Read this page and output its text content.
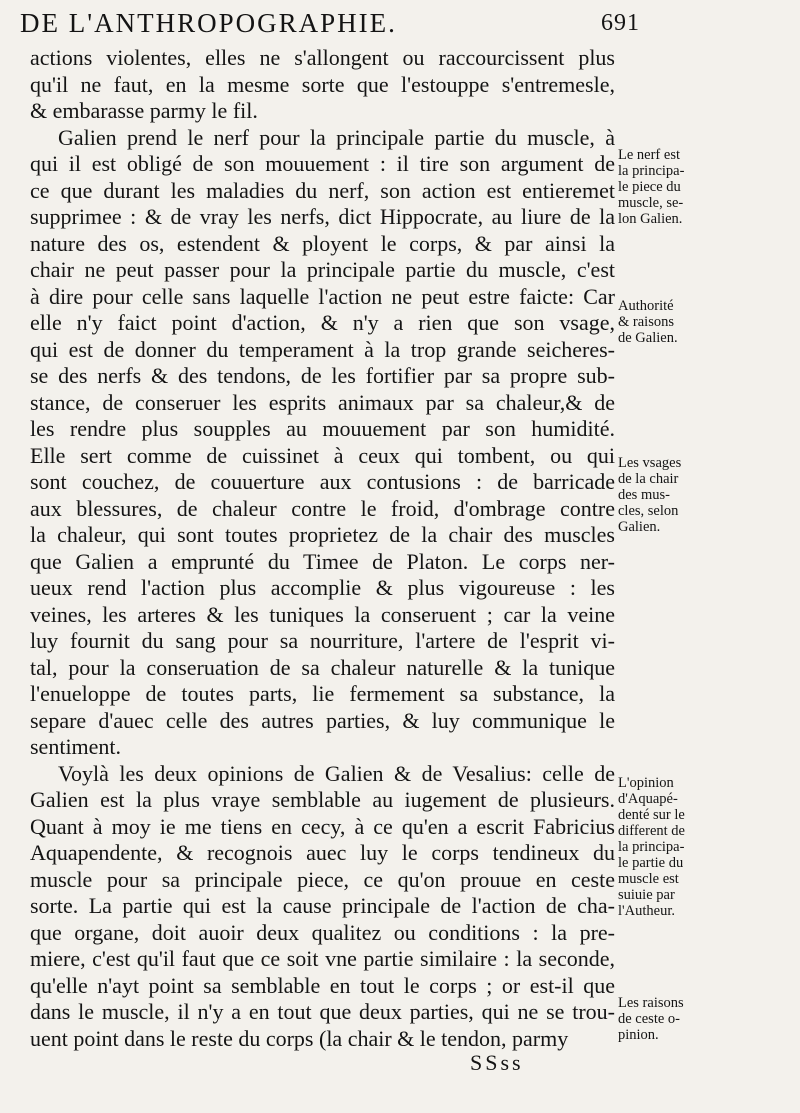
DE L'ANTHROPOGRAPHIE.	691
actions violentes, elles ne s'allongent ou raccourcissent plus
qu'il ne faut, en la mesme sorte que l'estouppe s'entremesle,
& embarasse parmy le fil.
Galien prend le nerf pour la principale partie du muscle, à
qui il est obligé de son mouuement : il tire son argument de
ce que durant les maladies du nerf, son action est entieremet
supprimee : & de vray les nerfs, dict Hippocrate, au liure de la
nature des os, estendent & ployent le corps, & par ainsi la
chair ne peut passer pour la principale partie du muscle, c'est
à dire pour celle sans laquelle l'action ne peut estre faicte: Car
elle n'y faict point d'action, & n'y a rien que son vsage,
qui est de donner du temperament à la trop grande seicheres-
se des nerfs & des tendons, de les fortifier par sa propre sub-
stance, de conseruer les esprits animaux par sa chaleur,& de
les rendre plus soupples au mouuement par son humidité.
Elle sert comme de cuissinet à ceux qui tombent, ou qui
sont couchez, de couuerture aux contusions : de barricade
aux blessures, de chaleur contre le froid, d'ombrage contre
la chaleur, qui sont toutes proprietez de la chair des muscles
que Galien a emprunté du Timee de Platon. Le corps ner-
ueux rend l'action plus accomplie & plus vigoureuse : les
veines, les arteres & les tuniques la conseruent ; car la veine
luy fournit du sang pour sa nourriture, l'artere de l'esprit vi-
tal, pour la conseruation de sa chaleur naturelle & la tunique
l'enueloppe de toutes parts, lie fermement sa substance, la
separe d'auec celle des autres parties, & luy communique le
sentiment.
Voylà les deux opinions de Galien & de Vesalius: celle de
Galien est la plus vraye semblable au iugement de plusieurs.
Quant à moy ie me tiens en cecy, à ce qu'en a escrit Fabricius
Aquapendente, & recognois auec luy le corps tendineux du
muscle pour sa principale piece, ce qu'on prouue en ceste
sorte. La partie qui est la cause principale de l'action de cha-
que organe, doit auoir deux qualitez ou conditions : la pre-
miere, c'est qu'il faut que ce soit vne partie similaire : la seconde,
qu'elle n'ayt point sa semblable en tout le corps ; or est-il que
dans le muscle, il n'y a en tout que deux parties, qui ne se trou-
uent point dans le reste du corps (la chair & le tendon, parmy
Le nerf est
la principa-
le piece du
muscle, se-
lon Galien.
Authorité
& raisons
de Galien.
Les vsages
de la chair
des mus-
cles, selon
Galien.
L'opinion
d'Aquapé-
denté sur le
different de
la principa-
le partie du
muscle est
suiuie par
l'Autheur.
Les raisons
de ceste o-
pinion.
SSss
